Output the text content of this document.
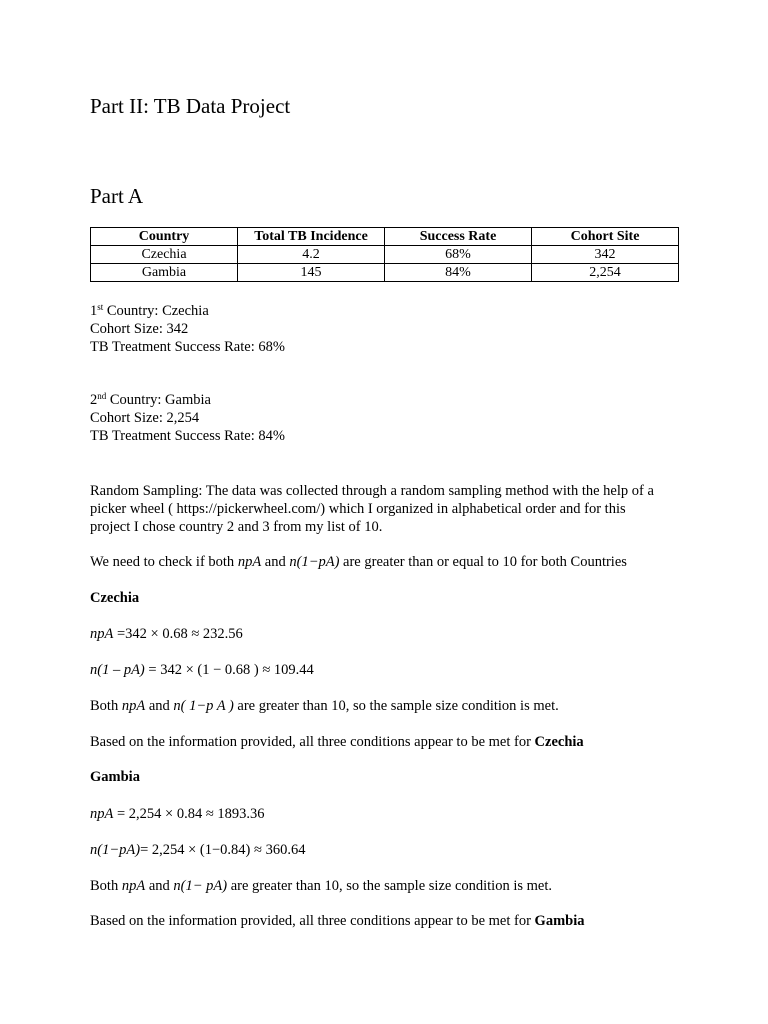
Part II: TB Data Project
Part A
Country	Total TB Incidence	Success Rate	Cohort Site
Czechia	4.2	68%	342
Gambia	145	84%	2,254
1st Country: Czechia
Cohort Size: 342
TB Treatment Success Rate: 68%
2nd Country: Gambia
Cohort Size: 2,254
TB Treatment Success Rate: 84%
Random Sampling: The data was collected through a random sampling method with the help of a
picker wheel ( https://pickerwheel.com/) which I organized in alphabetical order and for this
project I chose country 2 and 3 from my list of 10.
We need to check if both npA and n(1−pA) are greater than or equal to 10 for both Countries
Czechia
npA =342 × 0.68 ≈ 232.56
n(1 – pA) = 342 × (1 − 0.68 ) ≈ 109.44
Both npA and n( 1−p A ) are greater than 10, so the sample size condition is met.
Based on the information provided, all three conditions appear to be met for Czechia
Gambia
npA = 2,254 × 0.84 ≈ 1893.36
n(1−pA)= 2,254 × (1−0.84) ≈ 360.64
Both npA and n(1− pA) are greater than 10, so the sample size condition is met.
Based on the information provided, all three conditions appear to be met for Gambia
